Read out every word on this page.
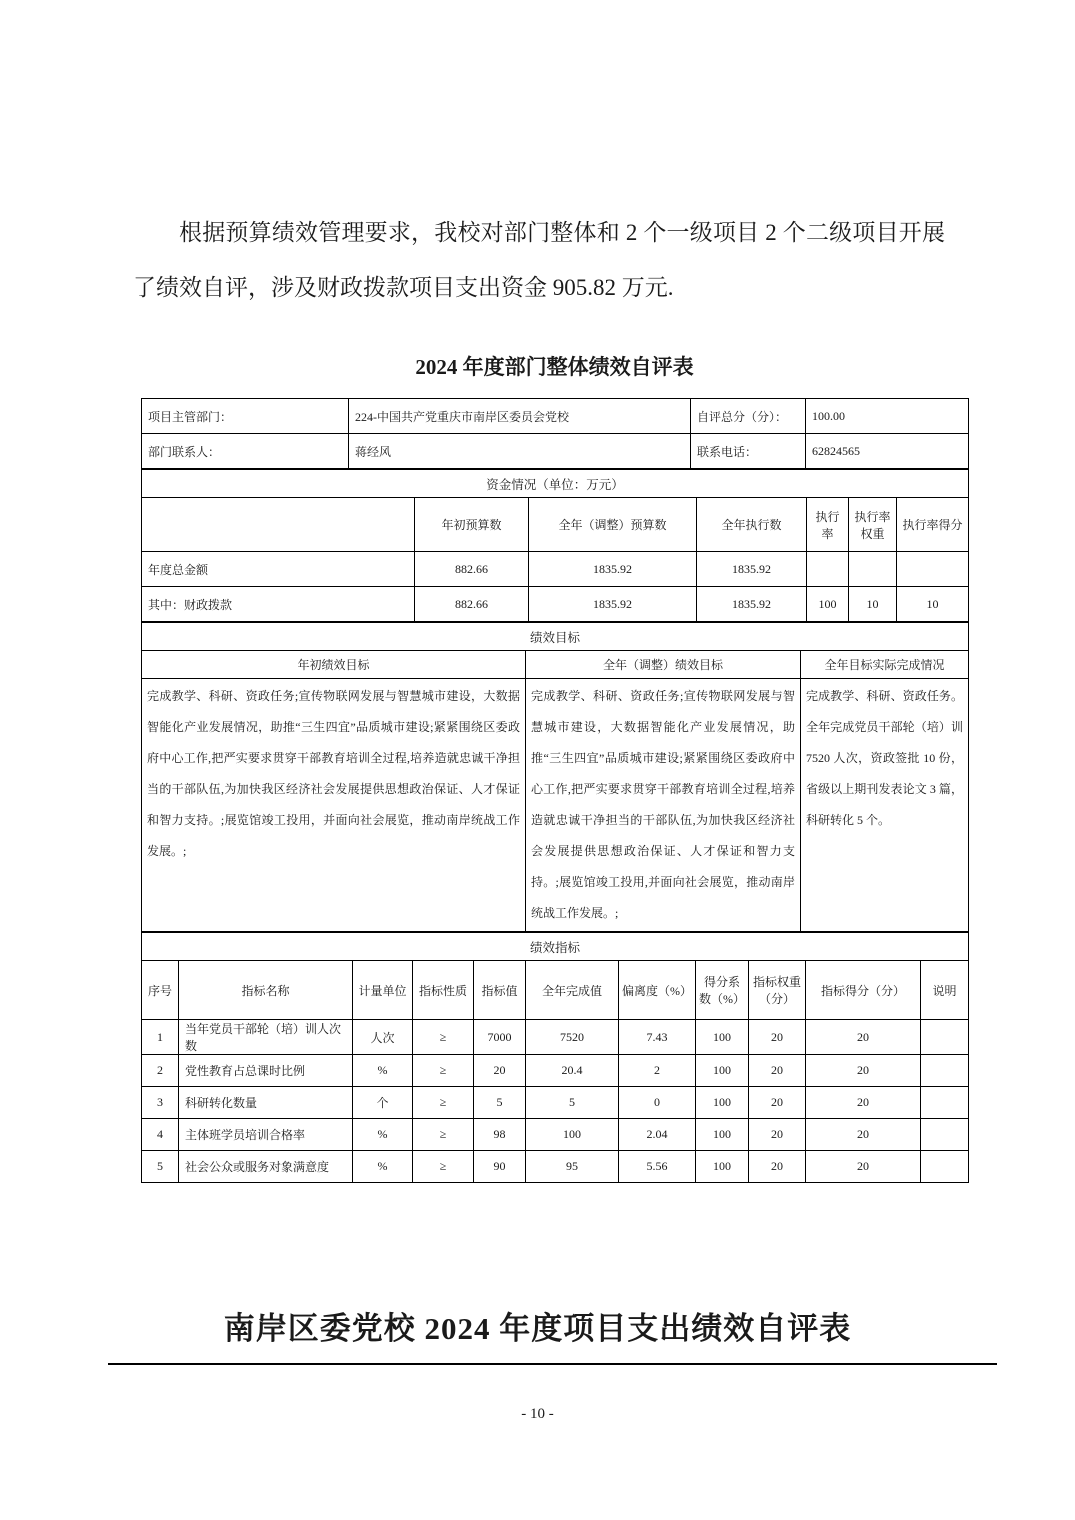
根据预算绩效管理要求，我校对部门整体和 2 个一级项目 2 个二级项目开展了绩效自评，涉及财政拨款项目支出资金 905.82 万元.

2024 年度部门整体绩效自评表
项目主管部门：	224-中国共产党重庆市南岸区委员会党校	自评总分（分）：	100.00
部门联系人：	蒋经风	联系电话：	62824565
资金情况（单位：万元）						
	年初预算数	全年（调整）预算数	全年执行数	执行率	执行率权重	执行率得分
年度总金额	882.66	1835.92	1835.92			
其中：财政拨款	882.66	1835.92	1835.92	100	10	10
绩效目标		
年初绩效目标	全年（调整）绩效目标	全年目标实际完成情况
完成教学、科研、资政任务;宣传物联网发展与智慧城市建设，大数据智能化产业发展情况，助推“三生四宜”品质城市建设;紧紧围绕区委政府中心工作,把严实要求贯穿干部教育培训全过程,培养造就忠诚干净担当的干部队伍,为加快我区经济社会发展提供思想政治保证、人才保证和智力支持。;展览馆竣工投用，并面向社会展览，推动南岸统战工作发展。;	完成教学、科研、资政任务;宣传物联网发展与智慧城市建设，大数据智能化产业发展情况，助推“三生四宜”品质城市建设;紧紧围绕区委政府中心工作,把严实要求贯穿干部教育培训全过程,培养造就忠诚干净担当的干部队伍,为加快我区经济社会发展提供思想政治保证、人才保证和智力支持。;展览馆竣工投用,并面向社会展览，推动南岸统战工作发展。;	完成教学、科研、资政任务。全年完成党员干部轮（培）训 7520 人次，资政签批 10 份，省级以上期刊发表论文 3 篇，科研转化 5 个。
绩效指标										
序号	指标名称	计量单位	指标性质	指标值	全年完成值	偏离度（%）	得分系数（%）	指标权重（分）	指标得分（分）	说明
1	当年党员干部轮（培）训人次数	人次	≥	7000	7520	7.43	100	20	20	
2	党性教育占总课时比例	%	≥	20	20.4	2	100	20	20	
3	科研转化数量	个	≥	5	5	0	100	20	20	
4	主体班学员培训合格率	%	≥	98	100	2.04	100	20	20	
5	社会公众或服务对象满意度	%	≥	90	95	5.56	100	20	20	
南岸区委党校 2024 年度项目支出绩效自评表
- 10 -
